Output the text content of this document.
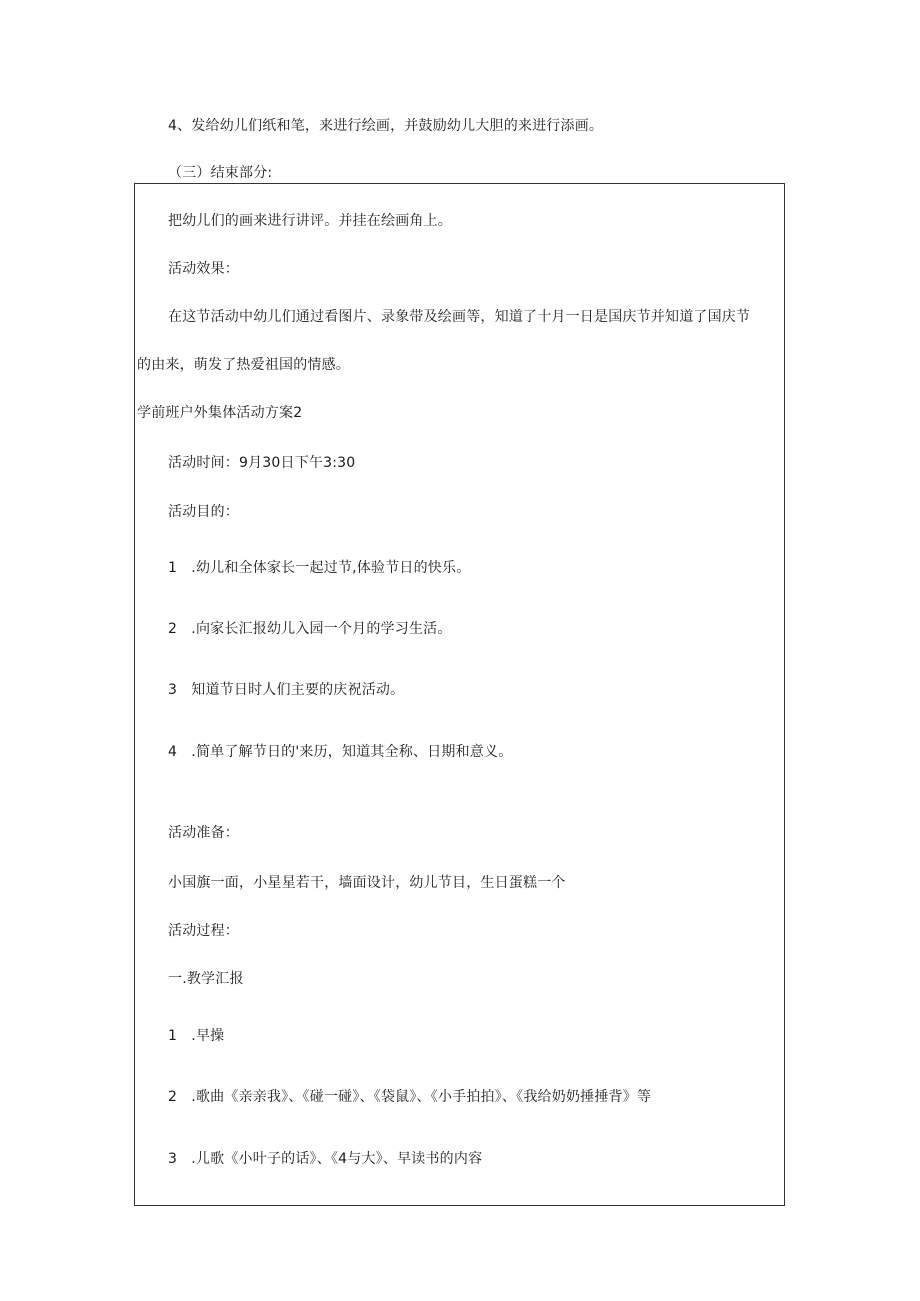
4、发给幼儿们纸和笔，来进行绘画，并鼓励幼儿大胆的来进行添画。
（三）结束部分:
把幼儿们的画来进行讲评。并挂在绘画角上。
活动效果：
在这节活动中幼儿们通过看图片、录象带及绘画等，知道了十月一日是国庆节并知道了国庆节
的由来，萌发了热爱祖国的情感。
学前班户外集体活动方案2
活动时间：9月30日下午3:30
活动目的：
1　.幼儿和全体家长一起过节,体验节日的快乐。
2　.向家长汇报幼儿入园一个月的学习生活。
3　知道节日时人们主要的庆祝活动。
4　.简单了解节日的'来历，知道其全称、日期和意义。
活动准备：
小国旗一面，小星星若干，墙面设计，幼儿节目，生日蛋糕一个
活动过程：
一.教学汇报
1　.早操
2　.歌曲《亲亲我》、《碰一碰》、《袋鼠》、《小手拍拍》、《我给奶奶捶捶背》等
3　.儿歌《小叶子的话》、《4与大》、早读书的内容
